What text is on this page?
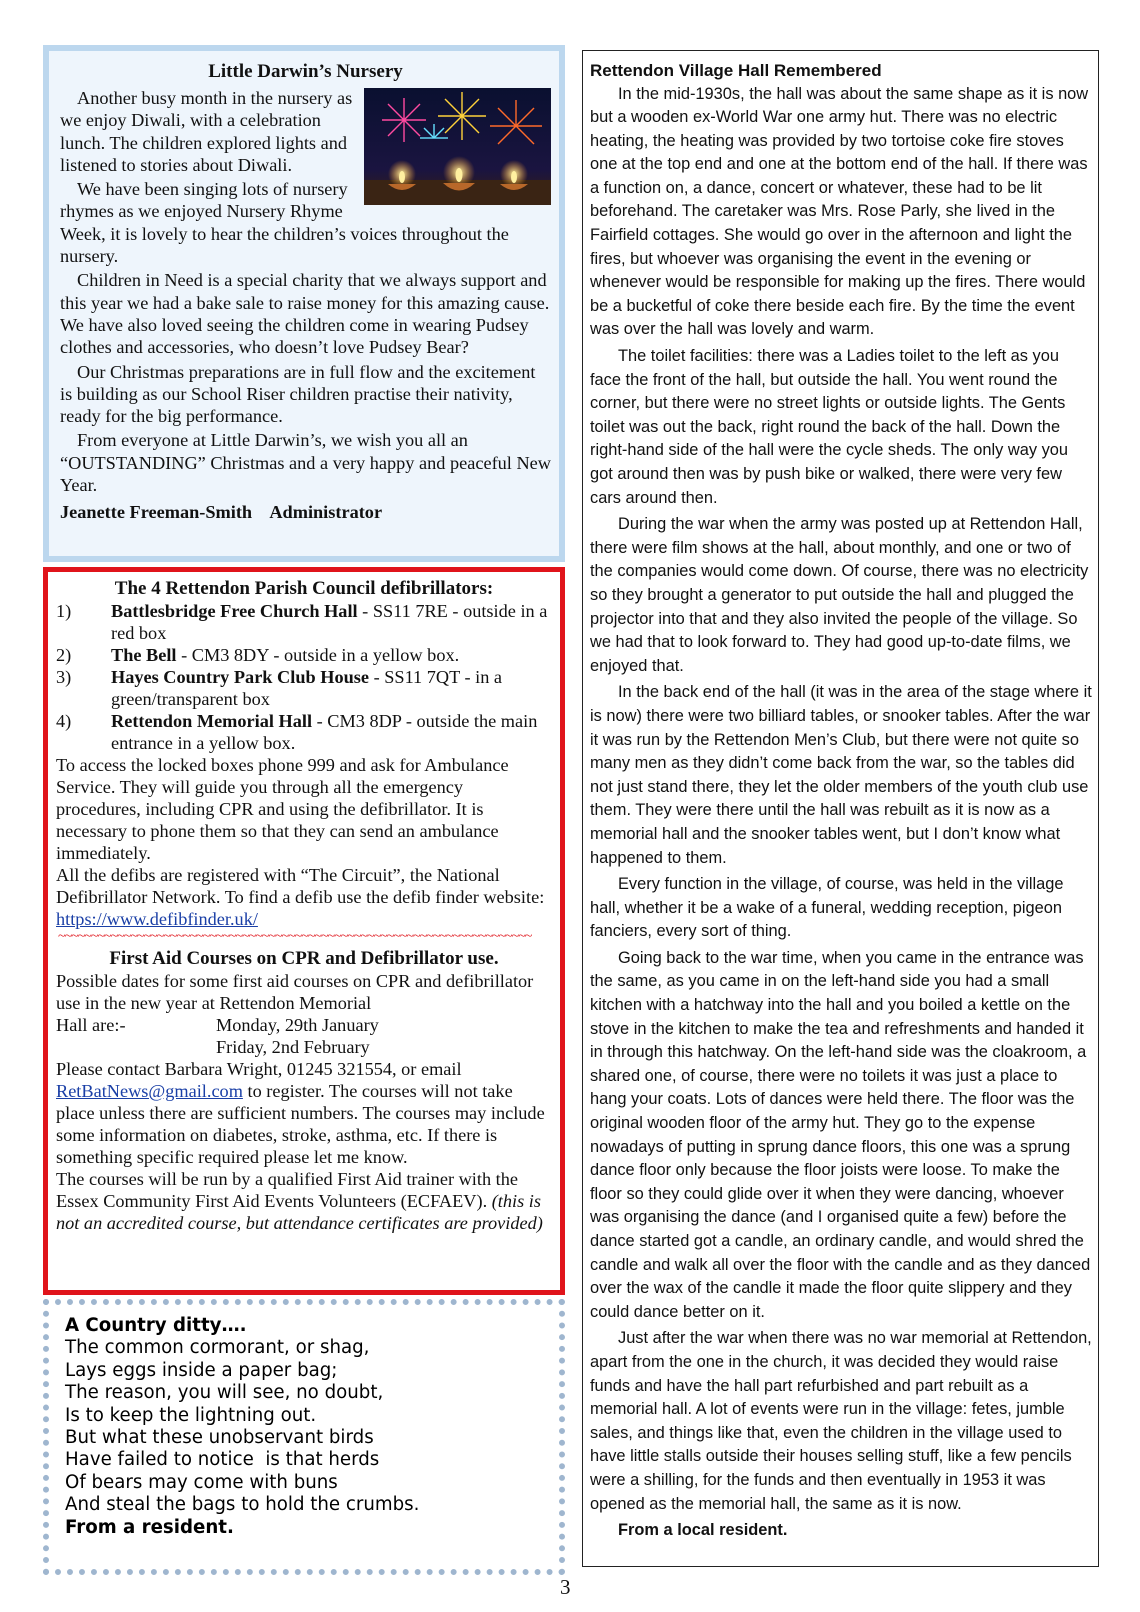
Little Darwin’s Nursery

Another busy month in the nursery as we enjoy Diwali, with a celebration lunch. The children explored lights and listened to stories about Diwali.

We have been singing lots of nursery rhymes as we enjoyed Nursery Rhyme Week, it is lovely to hear the children’s voices throughout the nursery.

Children in Need is a special charity that we always support and this year we had a bake sale to raise money for this amazing cause. We have also loved seeing the children come in wearing Pudsey clothes and accessories, who doesn’t love Pudsey Bear?

Our Christmas preparations are in full flow and the excitement is building as our School Riser children practise their nativity, ready for the big performance.

From everyone at Little Darwin’s, we wish you all an “OUTSTANDING” Christmas and a very happy and peaceful New Year.

Jeanette Freeman-Smith    Administrator
The 4 Rettendon Parish Council defibrillators:
1)	Battlesbridge Free Church Hall - SS11 7RE - outside in a red box
2)	The Bell - CM3 8DY - outside in a yellow box.
3)	Hayes Country Park Club House - SS11 7QT - in a green/transparent box
4)	Rettendon Memorial Hall - CM3 8DP - outside the main entrance in a yellow box.
To access the locked boxes phone 999 and ask for Ambulance Service. They will guide you through all the emergency procedures, including CPR and using the defibrillator. It is necessary to phone them so that they can send an ambulance immediately.
All the defibs are registered with “The Circuit”, the National Defibrillator Network. To find a defib use the defib finder website: https://www.defibfinder.uk/
~~~~~~~~~~~~~~~~~~~~~~~~~~~~~~~~~~~~~~~~~~~~~~~~~~~~~~~~~~~~~~~~~~~~~~~~
First Aid Courses on CPR and Defibrillator use.
Possible dates for some first aid courses on CPR and defibrillator use in the new year at Rettendon Memorial
Hall are:-	Monday, 29th January
Friday, 2nd February
Please contact Barbara Wright, 01245 321554, or email RetBatNews@gmail.com to register. The courses will not take place unless there are sufficient numbers. The courses may include some information on diabetes, stroke, asthma, etc. If there is something specific required please let me know.
The courses will be run by a qualified First Aid trainer with the Essex Community First Aid Events Volunteers (ECFAEV). (this is not an accredited course, but attendance certificates are provided)
A Country ditty….
The common cormorant, or shag,
Lays eggs inside a paper bag;
The reason, you will see, no doubt,
Is to keep the lightning out.
But what these unobservant birds
Have failed to notice  is that herds
Of bears may come with buns
And steal the bags to hold the crumbs.
From a resident.
Rettendon Village Hall Remembered

In the mid-1930s, the hall was about the same shape as it is now but a wooden ex-World War one army hut. There was no electric heating, the heating was provided by two tortoise coke fire stoves one at the top end and one at the bottom end of the hall. If there was a function on, a dance, concert or whatever, these had to be lit beforehand. The caretaker was Mrs. Rose Parly, she lived in the Fairfield cottages. She would go over in the afternoon and light the fires, but whoever was organising the event in the evening or whenever would be responsible for making up the fires. There would be a bucketful of coke there beside each fire. By the time the event was over the hall was lovely and warm.

The toilet facilities: there was a Ladies toilet to the left as you face the front of the hall, but outside the hall. You went round the corner, but there were no street lights or outside lights. The Gents toilet was out the back, right round the back of the hall. Down the right-hand side of the hall were the cycle sheds. The only way you got around then was by push bike or walked, there were very few cars around then.

During the war when the army was posted up at Rettendon Hall, there were film shows at the hall, about monthly, and one or two of the companies would come down. Of course, there was no electricity so they brought a generator to put outside the hall and plugged the projector into that and they also invited the people of the village. So we had that to look forward to. They had good up-to-date films, we enjoyed that.

In the back end of the hall (it was in the area of the stage where it is now) there were two billiard tables, or snooker tables. After the war it was run by the Rettendon Men’s Club, but there were not quite so many men as they didn’t come back from the war, so the tables did not just stand there, they let the older members of the youth club use them. They were there until the hall was rebuilt as it is now as a memorial hall and the snooker tables went, but I don’t know what happened to them.

Every function in the village, of course, was held in the village hall, whether it be a wake of a funeral, wedding reception, pigeon fanciers, every sort of thing.

Going back to the war time, when you came in the entrance was the same, as you came in on the left-hand side you had a small kitchen with a hatchway into the hall and you boiled a kettle on the stove in the kitchen to make the tea and refreshments and handed it in through this hatchway. On the left-hand side was the cloakroom, a shared one, of course, there were no toilets it was just a place to hang your coats. Lots of dances were held there. The floor was the original wooden floor of the army hut. They go to the expense nowadays of putting in sprung dance floors, this one was a sprung dance floor only because the floor joists were loose. To make the floor so they could glide over it when they were dancing, whoever was organising the dance (and I organised quite a few) before the dance started got a candle, an ordinary candle, and would shred the candle and walk all over the floor with the candle and as they danced over the wax of the candle it made the floor quite slippery and they could dance better on it.

Just after the war when there was no war memorial at Rettendon, apart from the one in the church, it was decided they would raise funds and have the hall part refurbished and part rebuilt as a memorial hall. A lot of events were run in the village: fetes, jumble sales, and things like that, even the children in the village used to have little stalls outside their houses selling stuff, like a few pencils were a shilling, for the funds and then eventually in 1953 it was opened as the memorial hall, the same as it is now.

From a local resident.

3
